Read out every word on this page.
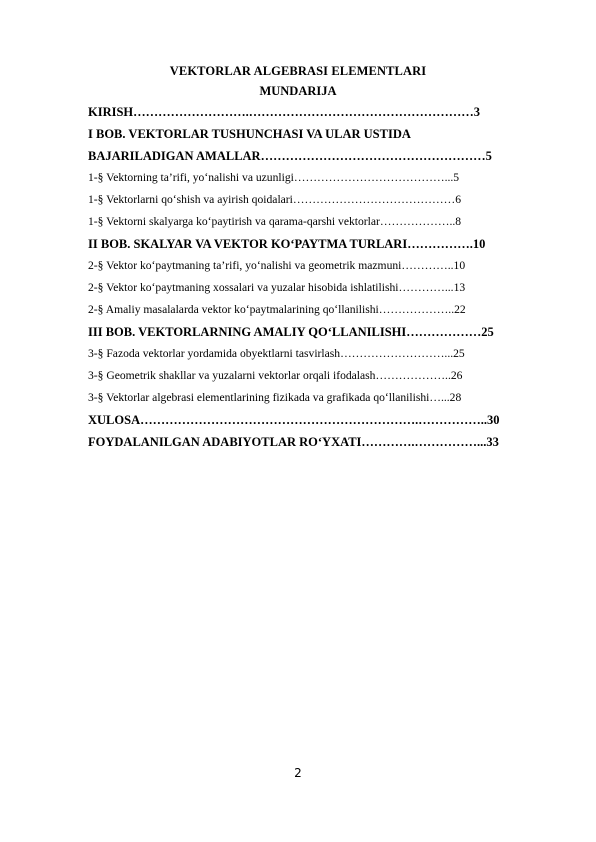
VEKTORLAR ALGEBRASI ELEMENTLARI
MUNDARIJA
KIRISH……………………….………………………………………………3
I BOB. VEKTORLAR TUSHUNCHASI VA ULAR USTIDA
BAJARILADIGAN AMALLAR………………………………………………5
1-§ Vektorning ta’rifi, yo‘nalishi va uzunligi…………………………………...5
1-§ Vektorlarni qo‘shish va ayirish qoidalari……………………………………6
1-§ Vektorni skalyarga ko‘paytirish va qarama-qarshi vektorlar………………..8
II BOB. SKALYAR VA VEKTOR KO‘PAYTMA TURLARI…………….10
2-§ Vektor ko‘paytmaning ta’rifi, yo‘nalishi va geometrik mazmuni…………..10
2-§ Vektor ko‘paytmaning xossalari va yuzalar hisobida ishlatilishi…………...13
2-§ Amaliy masalalarda vektor ko‘paytmalarining qo‘llanilishi………………..22
III BOB. VEKTORLARNING AMALIY QO‘LLANILISHI………………25
3-§ Fazoda vektorlar yordamida obyektlarni tasvirlash………………………...25
3-§ Geometrik shakllar va yuzalarni vektorlar orqali ifodalash………………..26
3-§ Vektorlar algebrasi elementlarining fizikada va grafikada qo‘llanilishi…...28
XULOSA………………………………………………………….……………..30
FOYDALANILGAN ADABIYOTLAR RO‘YXATI………….……………...33
2
